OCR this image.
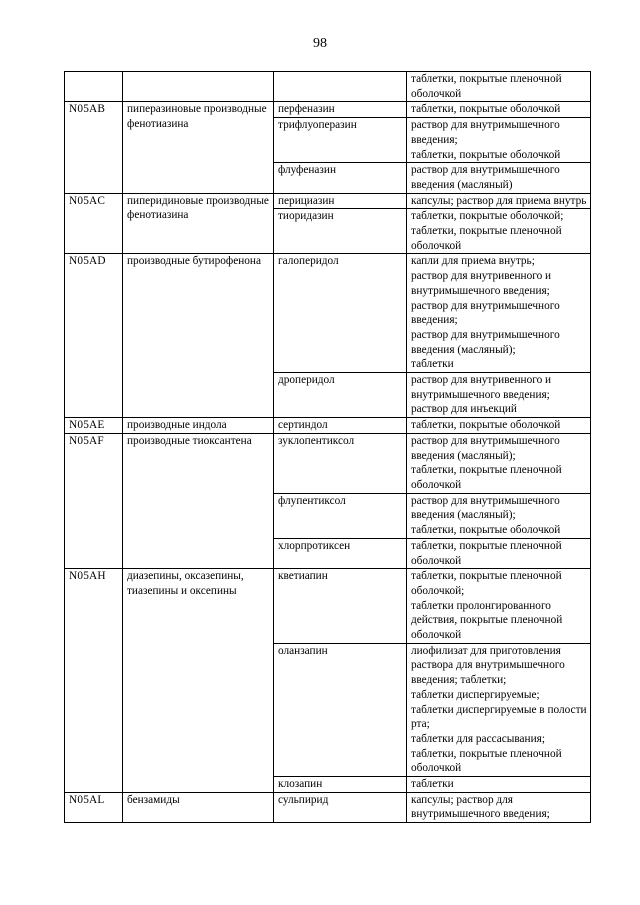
98
			таблетки, покрытые пленочной оболочкой
N05AB	пиперазиновые производные фенотиазина	перфеназин	таблетки, покрытые оболочкой
		трифлуоперазин	раствор для внутримышечного введения;
таблетки, покрытые оболочкой
		флуфеназин	раствор для внутримышечного введения (масляный)
N05AC	пиперидиновые производные фенотиазина	перициазин	капсулы; раствор для приема внутрь
		тиоридазин	таблетки, покрытые оболочкой;
таблетки, покрытые пленочной оболочкой
N05AD	производные бутирофенона	галоперидол	капли для приема внутрь;
раствор для внутривенного и внутримышечного введения;
раствор для внутримышечного введения;
раствор для внутримышечного введения (масляный);
таблетки
		дроперидол	раствор для внутривенного и внутримышечного введения;
раствор для инъекций
N05AE	производные индола	сертиндол	таблетки, покрытые оболочкой
N05AF	производные тиоксантена	зуклопентиксол	раствор для внутримышечного введения (масляный);
таблетки, покрытые пленочной оболочкой
		флупентиксол	раствор для внутримышечного введения (масляный);
таблетки, покрытые оболочкой
		хлорпротиксен	таблетки, покрытые пленочной оболочкой
N05AH	диазепины, оксазепины, тиазепины и оксепины	кветиапин	таблетки, покрытые пленочной оболочкой;
таблетки пролонгированного действия, покрытые пленочной оболочкой
		оланзапин	лиофилизат для приготовления раствора для внутримышечного введения; таблетки;
таблетки диспергируемые;
таблетки диспергируемые в полости рта;
таблетки для рассасывания;
таблетки, покрытые пленочной оболочкой
		клозапин	таблетки
N05AL	бензамиды	сульпирид	капсулы; раствор для внутримышечного введения;
